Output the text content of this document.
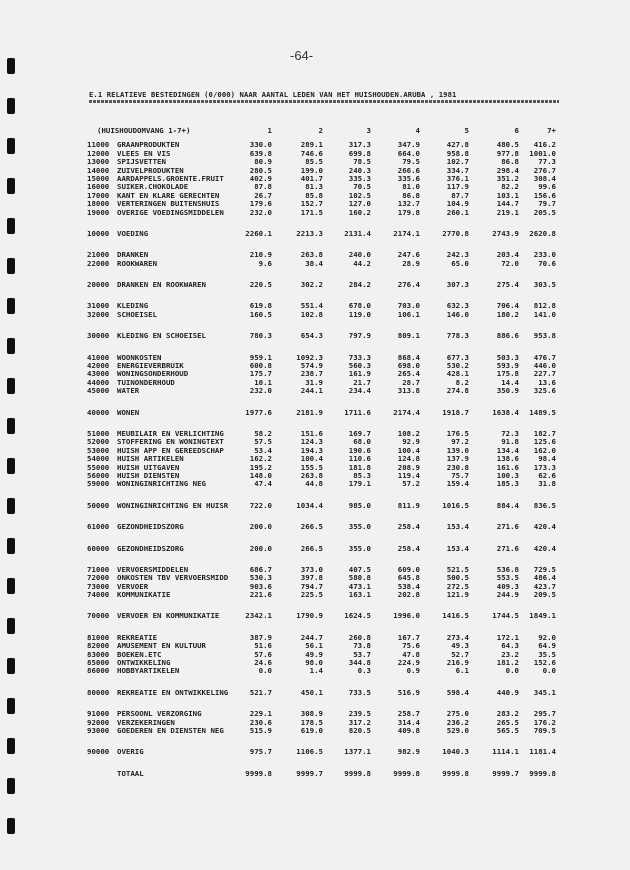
-64-
E.1 RELATIEVE BESTEDINGEN (0/000) NAAR AANTAL LEDEN VAN HET HUISHOUDEN.ARUBA , 1981
(HUISHOUDOMVANG 1-7+)	1	2	3	4	5	6	7+
11000	GRAANPRODUKTEN	330.0	289.1	317.3	347.9	427.8	480.5	416.2
12000	VLEES EN VIS	639.8	746.6	699.8	664.0	958.8	977.8	1001.0
13000	SPIJSVETTEN	80.9	85.5	78.5	79.5	102.7	86.8	77.3
14000	ZUIVELPRODUKTEN	280.5	199.0	240.3	266.6	334.7	298.4	276.7
15000	AARDAPPELS.GROENTE.FRUIT	402.9	401.7	335.3	335.6	376.1	351.2	308.4
16000	SUIKER.CHOKOLADE	87.8	81.3	70.5	81.0	117.9	82.2	99.6
17000	KANT EN KLARE GERECHTEN	26.7	85.8	102.5	86.8	87.7	103.1	156.6
18000	VERTERINGEN BUITENSHUIS	179.6	152.7	127.0	132.7	104.9	144.7	79.7
19000	OVERIGE VOEDINGSMIDDELEN	232.0	171.5	160.2	179.8	260.1	219.1	205.5
10000	VOEDING	2260.1	2213.3	2131.4	2174.1	2770.8	2743.9	2620.8
21000	DRANKEN	210.9	263.8	240.0	247.6	242.3	203.4	233.0
22000	ROOKWAREN	9.6	38.4	44.2	28.9	65.0	72.0	70.6
20000	DRANKEN EN ROOKWAREN	220.5	302.2	284.2	276.4	307.3	275.4	303.5
31000	KLEDING	619.8	551.4	678.0	703.0	632.3	706.4	812.8
32000	SCHOEISEL	160.5	102.8	119.0	106.1	146.0	180.2	141.0
30000	KLEDING EN SCHOEISEL	780.3	654.3	797.9	809.1	778.3	886.6	953.8
41000	WOONKOSTEN	959.1	1092.3	733.3	868.4	677.3	503.3	476.7
42000	ENERGIEVERBRUIK	600.8	574.9	560.3	698.0	530.2	593.9	446.0
43000	WONINGSONDERHOUD	175.7	238.7	161.9	265.4	428.1	175.8	227.7
44000	TUINONDERHOUD	10.1	31.9	21.7	28.7	8.2	14.4	13.6
45000	WATER	232.0	244.1	234.4	313.8	274.8	350.9	325.6
40000	WONEN	1977.6	2181.9	1711.6	2174.4	1918.7	1638.4	1489.5
51000	MEUBILAIR EN VERLICHTING	58.2	151.6	169.7	108.2	176.5	72.3	182.7
52000	STOFFERING EN WONINGTEXT	57.5	124.3	68.0	92.9	97.2	91.8	125.6
53000	HUISH APP EN GEREEDSCHAP	53.4	194.3	190.6	100.4	139.0	134.4	162.0
54000	HUISH ARTIKELEN	162.2	100.4	110.6	124.8	137.9	138.6	98.4
55000	HUISH UITGAVEN	195.2	155.5	181.8	208.9	230.8	161.6	173.3
56000	HUISH DIENSTEN	148.0	263.8	85.3	119.4	75.7	100.3	62.6
59000	WONINGINRICHTING NEG	47.4	44.8	179.1	57.2	159.4	185.3	31.8
50000	WONINGINRICHTING EN HUISR	722.0	1034.4	985.0	811.9	1016.5	884.4	836.5
61000	GEZONDHEIDSZORG	200.0	266.5	355.0	258.4	153.4	271.6	420.4
60000	GEZONDHEIDSZORG	200.0	266.5	355.0	258.4	153.4	271.6	420.4
71000	VERVOERSMIDDELEN	686.7	373.0	407.5	609.0	521.5	536.8	729.5
72000	ONKOSTEN TBV VERVOERSMIDD	530.3	397.8	580.8	645.8	500.5	553.5	486.4
73000	VERVOER	903.6	794.7	473.1	538.4	272.5	409.3	423.7
74000	KOMMUNIKATIE	221.6	225.5	163.1	202.8	121.9	244.9	209.5
70000	VERVOER EN KOMMUNIKATIE	2342.1	1790.9	1624.5	1996.0	1416.5	1744.5	1849.1
81000	REKREATIE	387.9	244.7	260.8	167.7	273.4	172.1	92.0
82000	AMUSEMENT EN KULTUUR	51.6	56.1	73.8	75.6	49.3	64.3	64.9
83000	BOEKEN.ETC	57.6	49.9	53.7	47.8	52.7	23.2	35.5
85000	ONTWIKKELING	24.6	98.0	344.8	224.9	216.9	181.2	152.6
86000	HOBBYARTIKELEN	0.0	1.4	0.3	0.9	6.1	0.0	0.0
80000	REKREATIE EN ONTWIKKELING	521.7	450.1	733.5	516.9	598.4	440.9	345.1
91000	PERSOONL VERZORGING	229.1	308.9	239.5	258.7	275.0	283.2	295.7
92000	VERZEKERINGEN	230.6	178.5	317.2	314.4	236.2	265.5	176.2
93000	GOEDEREN EN DIENSTEN NEG	515.9	619.0	820.5	409.8	529.0	565.5	709.5
90000	OVERIG	975.7	1106.5	1377.1	982.9	1040.3	1114.1	1181.4
TOTAAL	9999.8	9999.7	9999.8	9999.8	9999.8	9999.7	9999.8
